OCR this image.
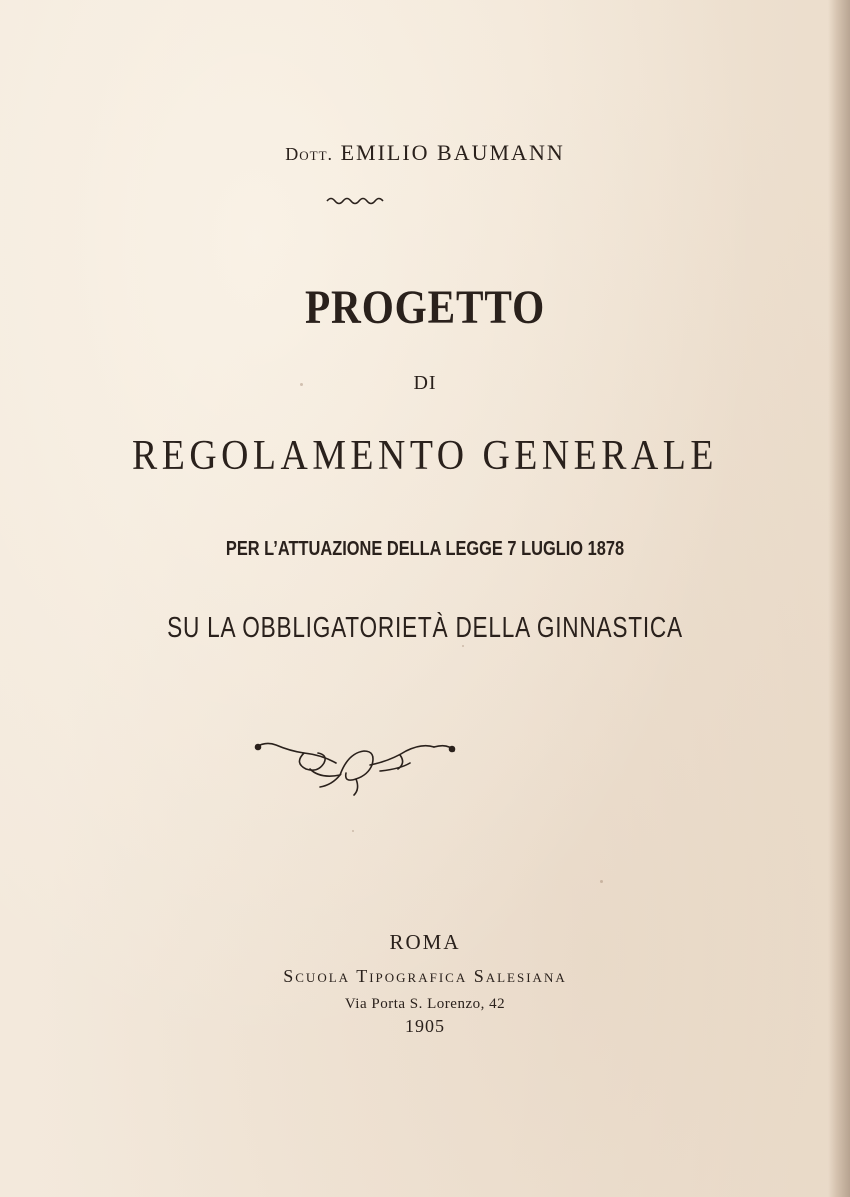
Dott. EMILIO BAUMANN
PROGETTO
DI
REGOLAMENTO GENERALE
PER L’ATTUAZIONE DELLA LEGGE 7 LUGLIO 1878
SU LA OBBLIGATORIETÀ DELLA GINNASTICA
ROMA
Scuola Tipografica Salesiana
Via Porta S. Lorenzo, 42
1905
